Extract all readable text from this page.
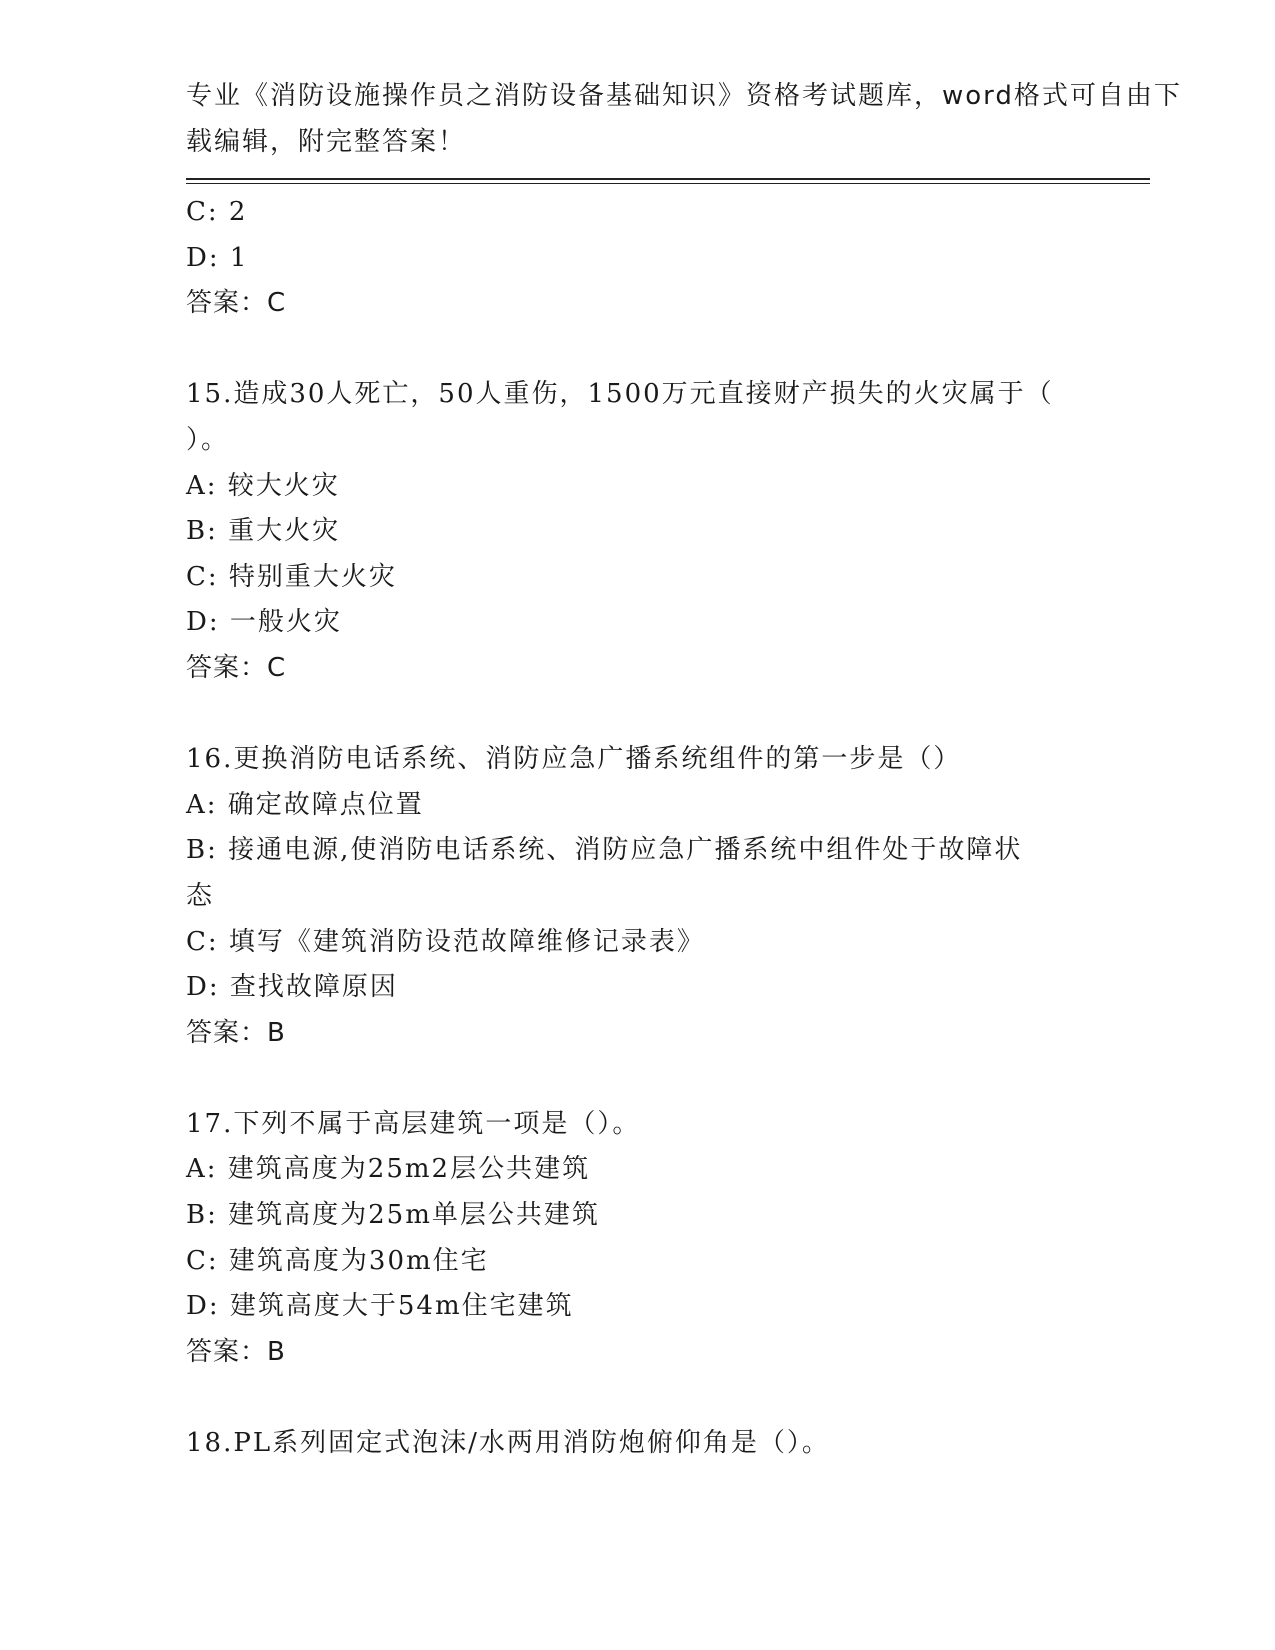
专业《消防设施操作员之消防设备基础知识》资格考试题库，word格式可自由下
载编辑，附完整答案！
C: 2
D: 1
答案：C
15.造成30人死亡，50人重伤，1500万元直接财产损失的火灾属于（
）。
A: 较大火灾
B: 重大火灾
C: 特别重大火灾
D: 一般火灾
答案：C
16.更换消防电话系统、消防应急广播系统组件的第一步是（）
A: 确定故障点位置
B: 接通电源,使消防电话系统、消防应急广播系统中组件处于故障状
态
C: 填写《建筑消防设范故障维修记录表》
D: 查找故障原因
答案：B
17.下列不属于高层建筑一项是（）。
A: 建筑高度为25m2层公共建筑
B: 建筑高度为25m单层公共建筑
C: 建筑高度为30m住宅
D: 建筑高度大于54m住宅建筑
答案：B
18.PL系列固定式泡沫/水两用消防炮俯仰角是（）。
